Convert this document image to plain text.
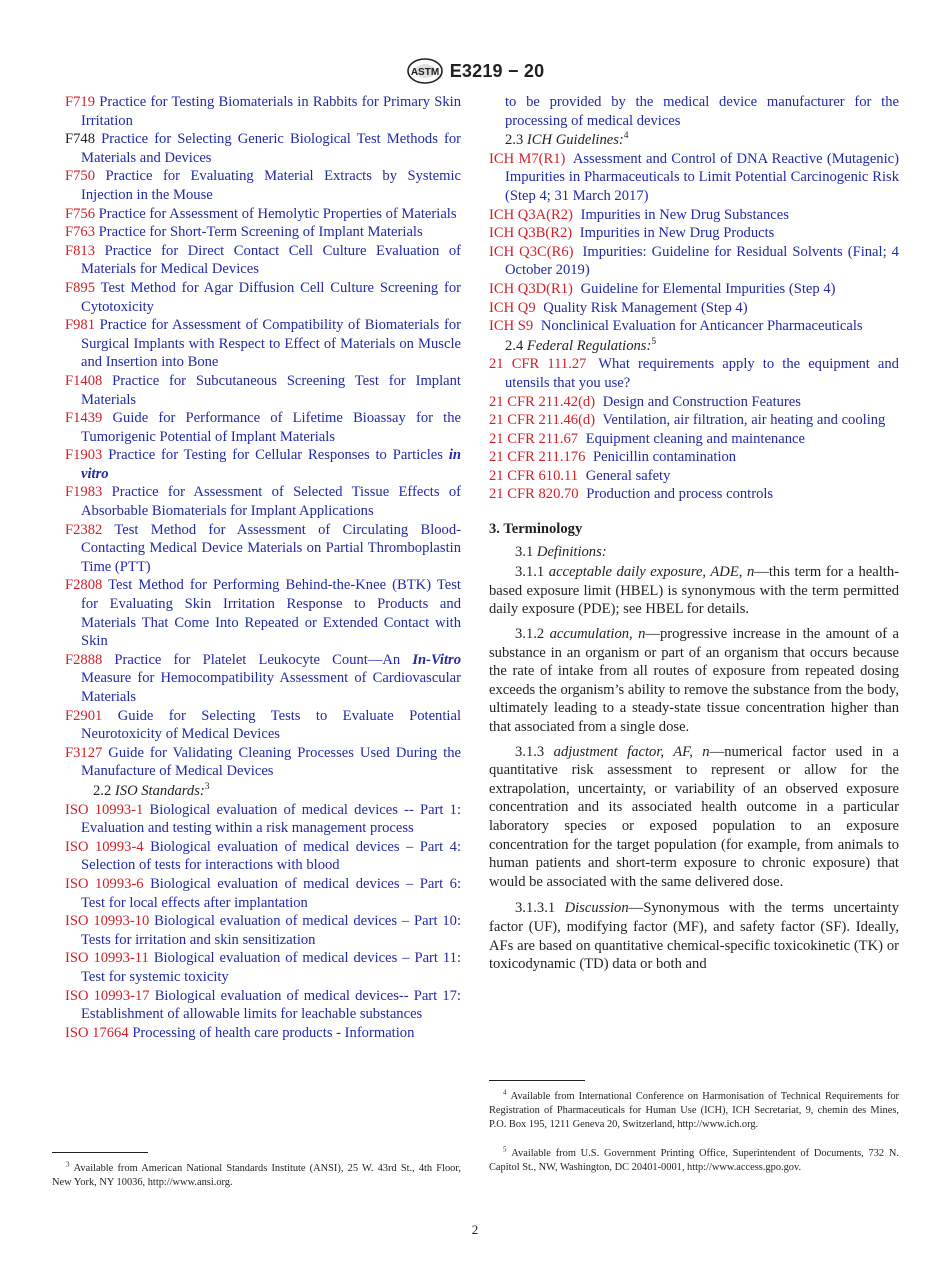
ASTM E3219 − 20
F719 Practice for Testing Biomaterials in Rabbits for Primary Skin Irritation
F748 Practice for Selecting Generic Biological Test Methods for Materials and Devices
F750 Practice for Evaluating Material Extracts by Systemic Injection in the Mouse
F756 Practice for Assessment of Hemolytic Properties of Materials
F763 Practice for Short-Term Screening of Implant Materials
F813 Practice for Direct Contact Cell Culture Evaluation of Materials for Medical Devices
F895 Test Method for Agar Diffusion Cell Culture Screening for Cytotoxicity
F981 Practice for Assessment of Compatibility of Biomaterials for Surgical Implants with Respect to Effect of Materials on Muscle and Insertion into Bone
F1408 Practice for Subcutaneous Screening Test for Implant Materials
F1439 Guide for Performance of Lifetime Bioassay for the Tumorigenic Potential of Implant Materials
F1903 Practice for Testing for Cellular Responses to Particles in vitro
F1983 Practice for Assessment of Selected Tissue Effects of Absorbable Biomaterials for Implant Applications
F2382 Test Method for Assessment of Circulating Blood-Contacting Medical Device Materials on Partial Thromboplastin Time (PTT)
F2808 Test Method for Performing Behind-the-Knee (BTK) Test for Evaluating Skin Irritation Response to Products and Materials That Come Into Repeated or Extended Contact with Skin
F2888 Practice for Platelet Leukocyte Count—An In-Vitro Measure for Hemocompatibility Assessment of Cardiovascular Materials
F2901 Guide for Selecting Tests to Evaluate Potential Neurotoxicity of Medical Devices
F3127 Guide for Validating Cleaning Processes Used During the Manufacture of Medical Devices
2.2 ISO Standards:$^3$
ISO 10993-1 Biological evaluation of medical devices -- Part 1: Evaluation and testing within a risk management process
ISO 10993-4 Biological evaluation of medical devices – Part 4: Selection of tests for interactions with blood
ISO 10993-6 Biological evaluation of medical devices – Part 6: Test for local effects after implantation
ISO 10993-10 Biological evaluation of medical devices – Part 10: Tests for irritation and skin sensitization
ISO 10993-11 Biological evaluation of medical devices – Part 11: Test for systemic toxicity
ISO 10993-17 Biological evaluation of medical devices-- Part 17: Establishment of allowable limits for leachable substances
ISO 17664 Processing of health care products - Information
to be provided by the medical device manufacturer for the processing of medical devices
2.3 ICH Guidelines:$^4$
ICH M7(R1) Assessment and Control of DNA Reactive (Mutagenic) Impurities in Pharmaceuticals to Limit Potential Carcinogenic Risk (Step 4; 31 March 2017)
ICH Q3A(R2) Impurities in New Drug Substances
ICH Q3B(R2) Impurities in New Drug Products
ICH Q3C(R6) Impurities: Guideline for Residual Solvents (Final; 4 October 2019)
ICH Q3D(R1) Guideline for Elemental Impurities (Step 4)
ICH Q9 Quality Risk Management (Step 4)
ICH S9 Nonclinical Evaluation for Anticancer Pharmaceuticals
2.4 Federal Regulations:$^5$
21 CFR 111.27 What requirements apply to the equipment and utensils that you use?
21 CFR 211.42(d) Design and Construction Features
21 CFR 211.46(d) Ventilation, air filtration, air heating and cooling
21 CFR 211.67 Equipment cleaning and maintenance
21 CFR 211.176 Penicillin contamination
21 CFR 610.11 General safety
21 CFR 820.70 Production and process controls
3. Terminology
3.1 Definitions:
3.1.1 acceptable daily exposure, ADE, n—this term for a health-based exposure limit (HBEL) is synonymous with the term permitted daily exposure (PDE); see HBEL for details.
3.1.2 accumulation, n—progressive increase in the amount of a substance in an organism or part of an organism that occurs because the rate of intake from all routes of exposure from repeated dosing exceeds the organism’s ability to remove the substance from the body, ultimately leading to a steady-state tissue concentration higher than that associated from a single dose.
3.1.3 adjustment factor, AF, n—numerical factor used in a quantitative risk assessment to represent or allow for the extrapolation, uncertainty, or variability of an observed exposure concentration and its associated health outcome in a particular laboratory species or exposed population to an exposure concentration for the target population (for example, from animals to human patients and short-term exposure to chronic exposure) that would be associated with the same delivered dose.
3.1.3.1 Discussion—Synonymous with the terms uncertainty factor (UF), modifying factor (MF), and safety factor (SF). Ideally, AFs are based on quantitative chemical-specific toxicokinetic (TK) or toxicodynamic (TD) data or both and
$^3$ Available from American National Standards Institute (ANSI), 25 W. 43rd St., 4th Floor, New York, NY 10036, http://www.ansi.org.
$^4$ Available from International Conference on Harmonisation of Technical Requirements for Registration of Pharmaceuticals for Human Use (ICH), ICH Secretariat, 9, chemin des Mines, P.O. Box 195, 1211 Geneva 20, Switzerland, http://www.ich.org.
$^5$ Available from U.S. Government Printing Office, Superintendent of Documents, 732 N. Capitol St., NW, Washington, DC 20401-0001, http://www.access.gpo.gov.
2
